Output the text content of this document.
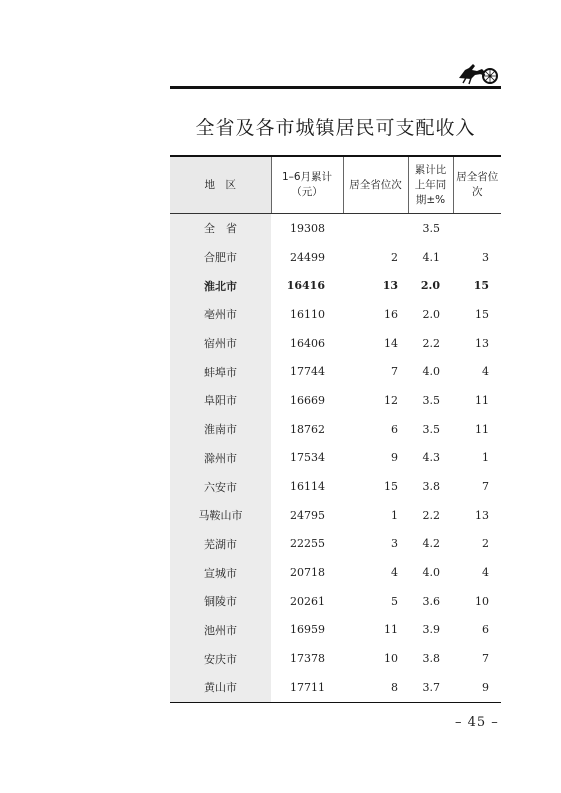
全省及各市城镇居民可支配收入
地　区	1–6月累计（元）	居全省位次	累计比上年同期±%	居全省位次
全　省	19308		3.5	
合肥市	24499	2	4.1	3
淮北市	16416	13	2.0	15
亳州市	16110	16	2.0	15
宿州市	16406	14	2.2	13
蚌埠市	17744	7	4.0	4
阜阳市	16669	12	3.5	11
淮南市	18762	6	3.5	11
滁州市	17534	9	4.3	1
六安市	16114	15	3.8	7
马鞍山市	24795	1	2.2	13
芜湖市	22255	3	4.2	2
宣城市	20718	4	4.0	4
铜陵市	20261	5	3.6	10
池州市	16959	11	3.9	6
安庆市	17378	10	3.8	7
黄山市	17711	8	3.7	9
– 45 –
